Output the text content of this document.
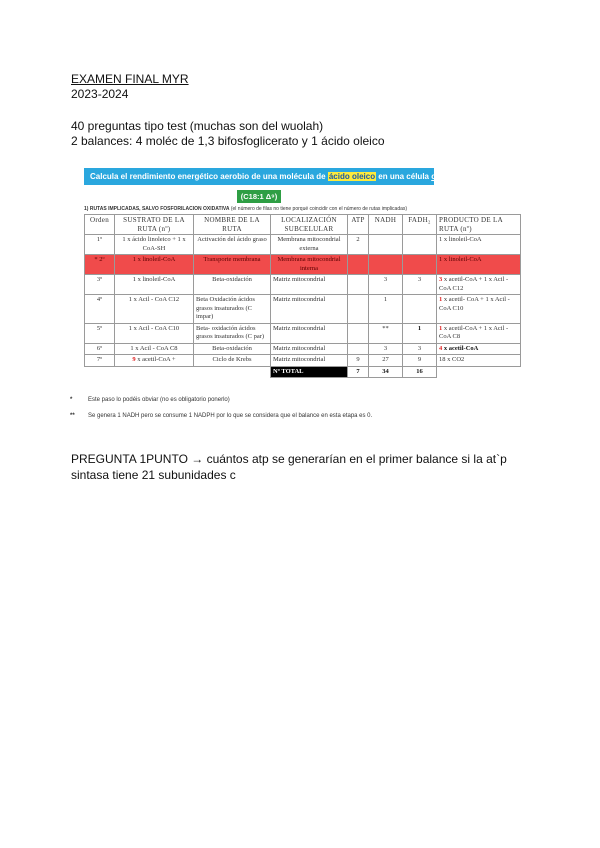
EXAMEN FINAL MYR
2023-2024
40 preguntas tipo test (muchas son del wuolah)
2 balances: 4 moléc de 1,3 bifosfoglicerato y 1 ácido oleico
Calcula el rendimiento energético aerobio de una molécula de ácido oleico en una célula cardíaca
(C18:1 Δ⁹)
1) RUTAS IMPLICADAS, SALVO FOSFORILACIÓN OXIDATIVA (el número de filas no tiene porqué coincidir con el número de rutas implicadas)
Orden	SUSTRATO DE LA RUTA (nº)	NOMBRE DE LA RUTA	LOCALIZACIÓN SUBCELULAR	ATP	NADH	FADH₂	PRODUCTO DE LA RUTA (nº)
1º	1 x ácido linoleico + 1 x CoA-SH	Activación del ácido graso	Membrana mitocondrial externa	2			1 x linoleil-CoA
* 2º	1 x linoleil-CoA	Transporte membrana	Membrana mitocondrial interna				1 x linoleil-CoA
3º	1 x linoleil-CoA	Beta-oxidación	Matriz mitocondrial		3	3	3 x acetil-CoA + 1 x Acil -CoA C12
4º	1 x Acil - CoA C12	Beta Oxidación ácidos grasos insaturados (C impar)	Matriz mitocondrial		1		1 x acetil- CoA + 1 x Acil -CoA C10
5º	1 x Acil - CoA C10	Beta- oxidación ácidos grasos insaturados (C par)	Matriz mitocondrial		**	1	1 x acetil-CoA + 1 x Acil -CoA C8
6º	1 x Acil - CoA C8	Beta-oxidación	Matriz mitocondrial		3	3	4 x acetil-CoA
7º	9 x acetil-CoA +	Ciclo de Krebs	Matriz mitocondrial	9	27	9	18 x CO2
			Nº TOTAL	7	34	16	
*	Este paso lo podéis obviar (no es obligatorio ponerlo)
** Se genera 1 NADH pero se consume 1 NADPH por lo que se considera que el balance en esta etapa es 0.
PREGUNTA 1PUNTO → cuántos atp se generarían en el primer balance si la at`p sintasa tiene 21 subunidades c
